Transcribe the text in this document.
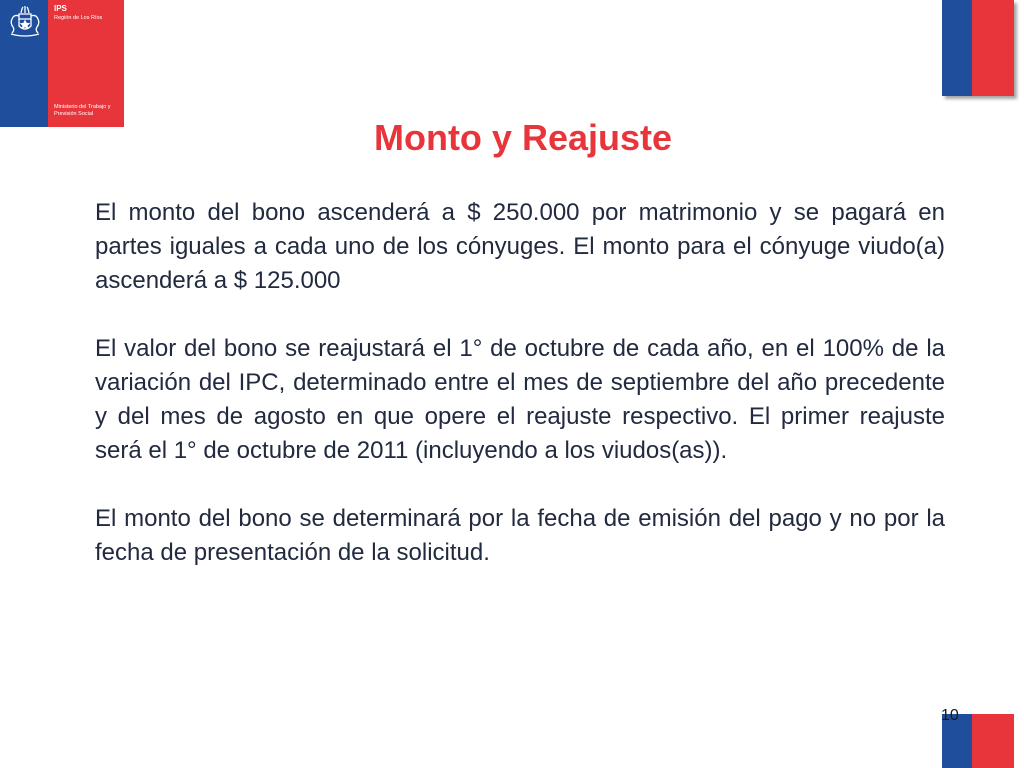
IPS
Región de Los Ríos
Ministerio del Trabajo y Previsión Social
Monto y Reajuste

El monto del bono ascenderá a $ 250.000 por matrimonio y se pagará en partes iguales a cada uno de los cónyuges. El monto para el cónyuge viudo(a) ascenderá a $ 125.000

El valor del bono se reajustará el 1° de octubre de cada año, en el 100% de la variación del IPC, determinado entre el mes de septiembre del año precedente y del mes de agosto en que opere el reajuste respectivo. El primer reajuste será el 1° de octubre de 2011 (incluyendo a los viudos(as)).

El monto del bono se determinará por la fecha de emisión del pago y no por la fecha de presentación de la solicitud.

10
